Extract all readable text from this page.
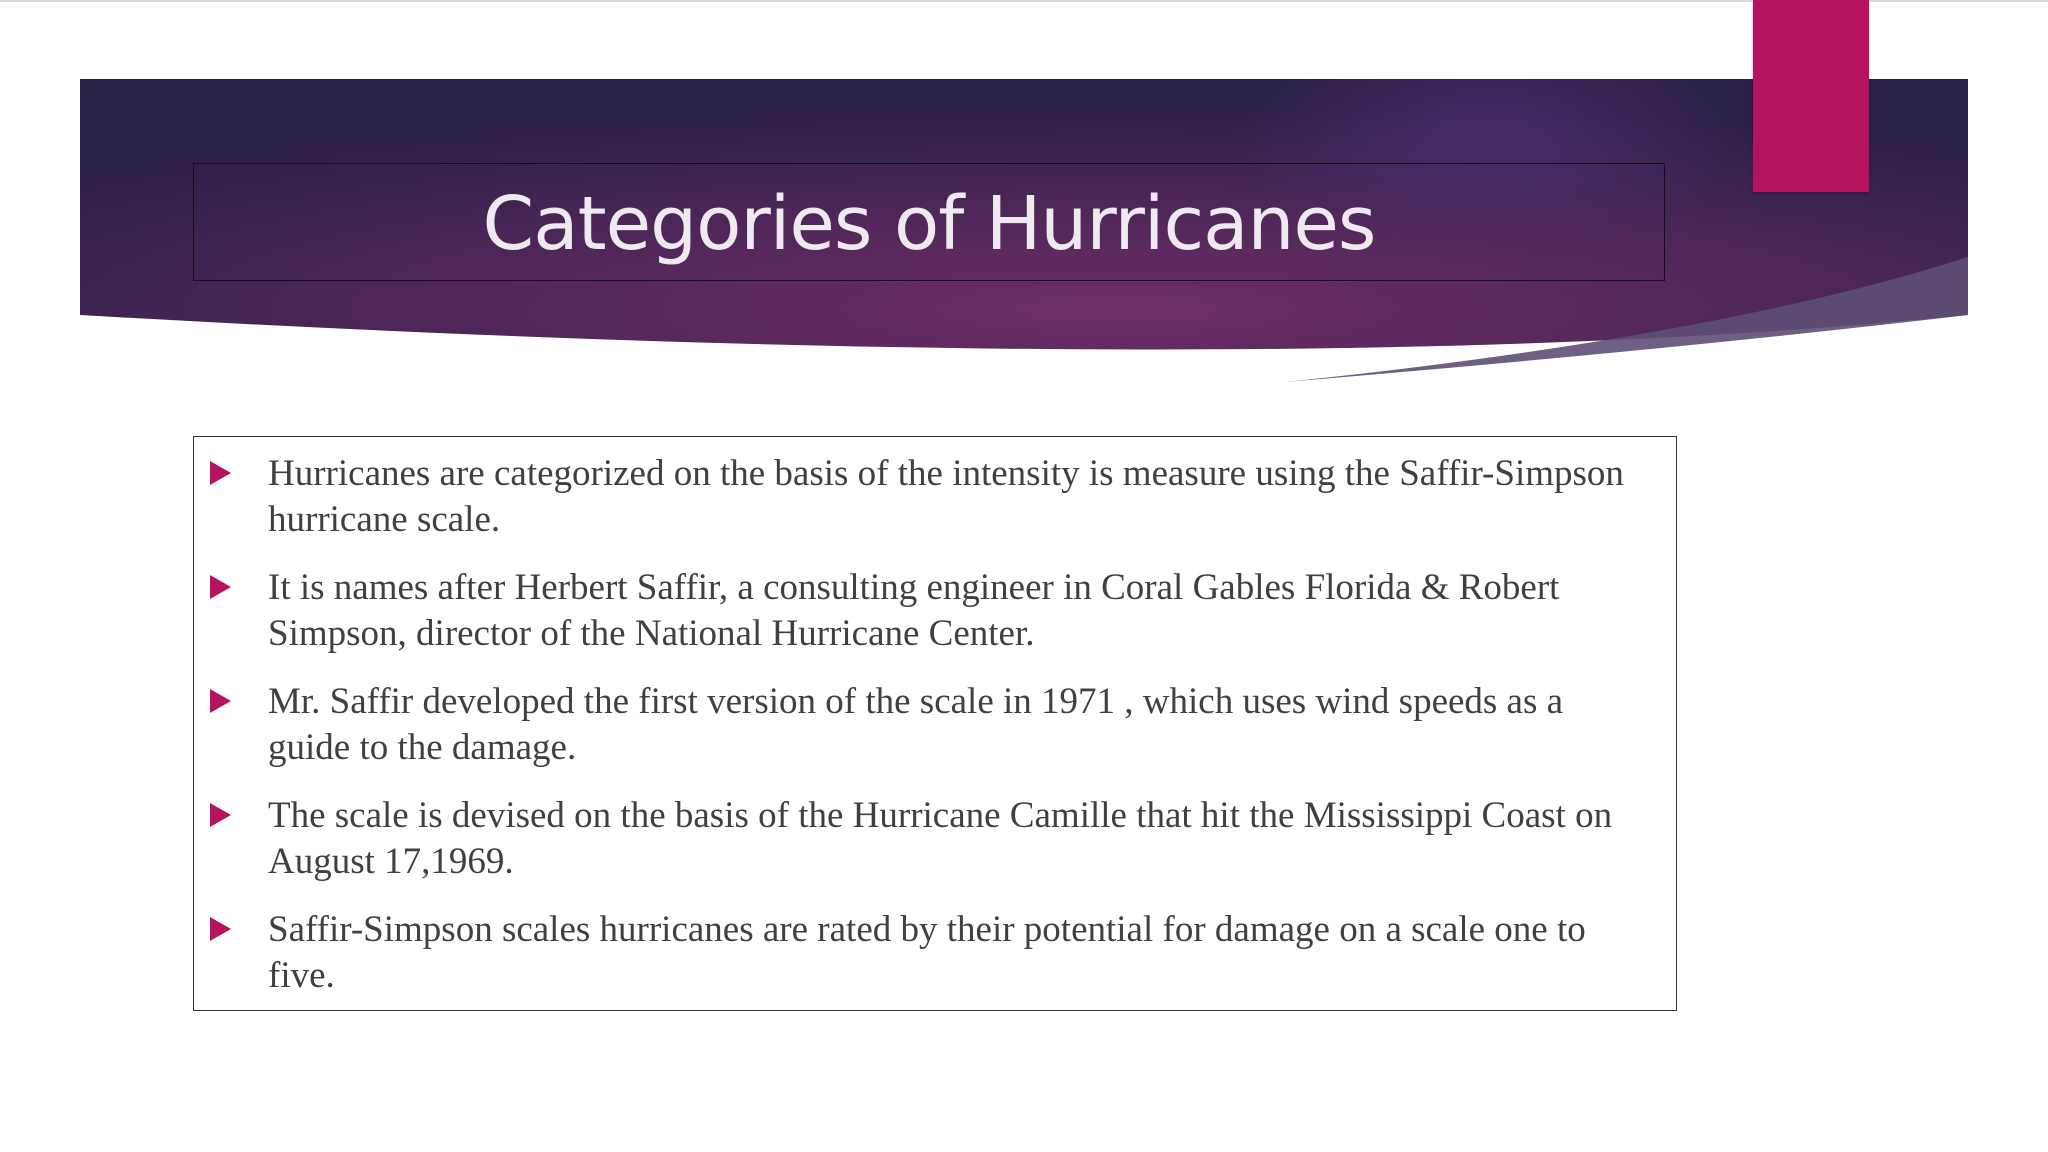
Categories of Hurricanes
Hurricanes are categorized on the basis of the intensity is measure using the Saffir-Simpson hurricane scale.
It is names after Herbert Saffir, a consulting engineer in Coral Gables Florida & Robert Simpson, director of the National Hurricane Center.
Mr. Saffir developed the first version of the scale in 1971 , which uses wind speeds as a guide to the damage.
The scale is devised on the basis of the Hurricane Camille that hit the Mississippi Coast on August 17,1969.
Saffir-Simpson scales hurricanes are rated by their potential for damage on a scale one to five.
